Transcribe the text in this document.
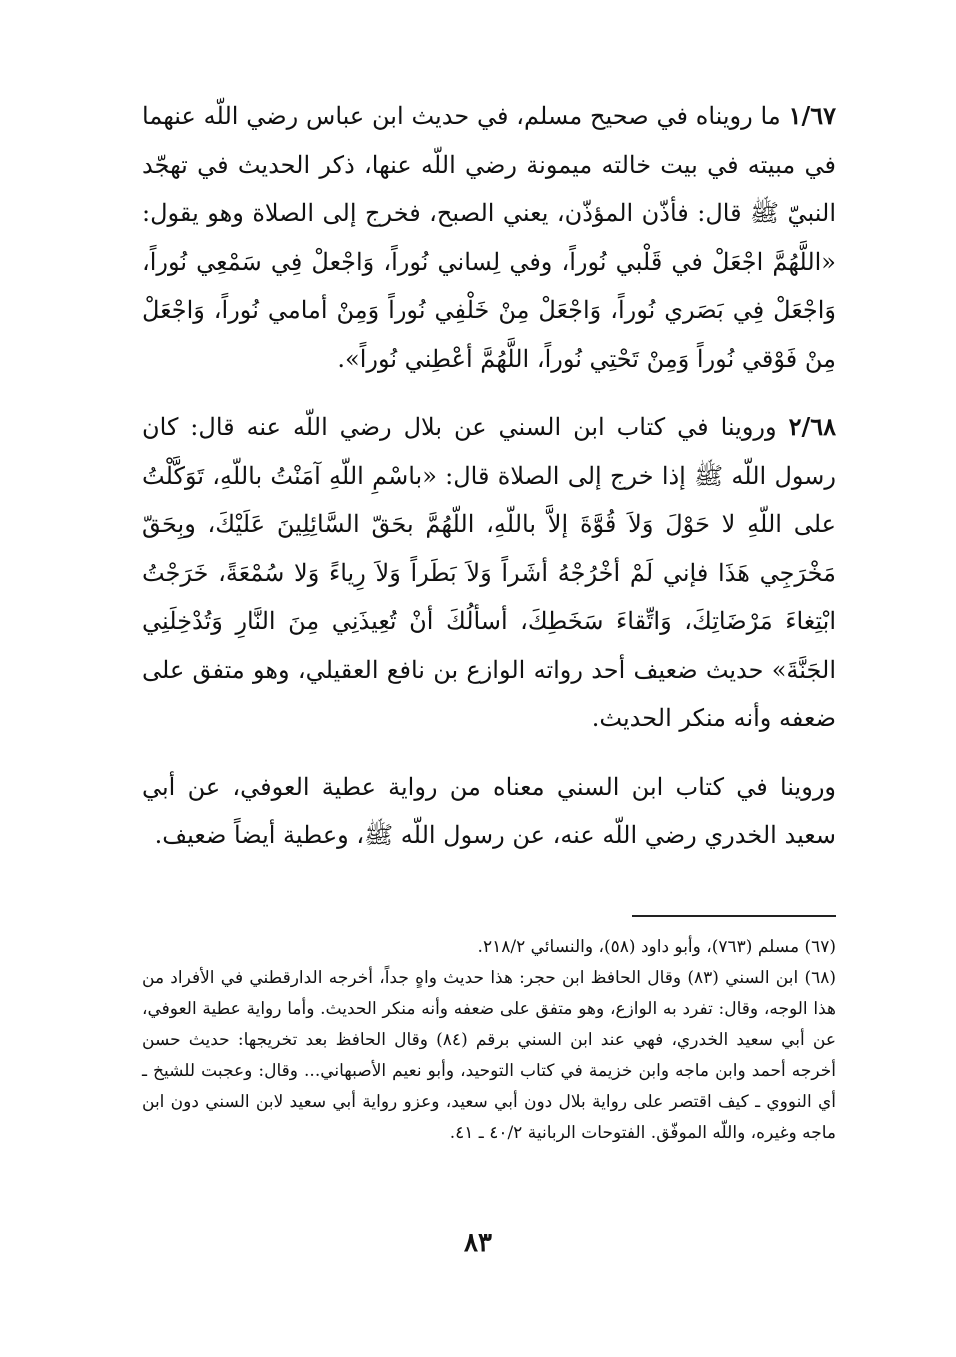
١/٦٧ ما رويناه في صحيح مسلم، في حديث ابن عباس رضي اللّه عنهما في مبيته في بيت خالته ميمونة رضي اللّه عنها، ذكر الحديث في تهجّد النبيّ ﷺ قال: فأذّن المؤذّن، يعني الصبح، فخرج إلى الصلاة وهو يقول: «اللَّهُمَّ اجْعَلْ في قَلْبي نُوراً، وفي لِساني نُوراً، وَاجْعلْ فِي سَمْعِي نُوراً، وَاجْعَلْ فِي بَصَري نُوراً، وَاجْعَلْ مِنْ خَلْفِي نُوراً وَمِنْ أمامي نُوراً، وَاجْعَلْ مِنْ فَوْقي نُوراً وَمِنْ تَحْتِي نُوراً، اللَّهُمَّ أعْطِني نُوراً».

٢/٦٨ وروينا في كتاب ابن السني عن بلال رضي اللّه عنه قال: كان رسول اللّه ﷺ إذا خرج إلى الصلاة قال: «باسْمِ اللّهِ آمَنْتُ باللّهِ، تَوَكَّلْتُ على اللّهِ لا حَوْلَ وَلاَ قُوَّةَ إلاَّ باللّهِ، اللّهُمَّ بحَقّ السَّائِلِينَ عَلَيْكَ، وبِحَقّ مَخْرَجِي هَذَا فإني لَمْ أخْرُجْهُ أشَراً وَلاَ بَطَراً وَلاَ رِياءً وَلا سُمْعَةً، خَرَجْتُ ابْتِغاءَ مَرْضَاتِكَ، وَاتِّقاءَ سَخَطِكَ، أسألُكَ أنْ تُعِيذَنِي مِنَ النَّارِ وَتُدْخِلَنِي الجَنَّةَ» حديث ضعيف أحد رواته الوازع بن نافع العقيلي، وهو متفق على ضعفه وأنه منكر الحديث.

وروينا في كتاب ابن السني معناه من رواية عطية العوفي، عن أبي سعيد الخدري رضي اللّه عنه، عن رسول اللّه ﷺ، وعطية أيضاً ضعيف.

(٦٧) مسلم (٧٦٣)، وأبو داود (٥٨)، والنسائي ٢١٨/٢.

(٦٨) ابن السني (٨٣) وقال الحافظ ابن حجر: هذا حديث واهٍ جداً، أخرجه الدارقطني في الأفراد من هذا الوجه، وقال: تفرد به الوازع، وهو متفق على ضعفه وأنه منكر الحديث. وأما رواية عطية العوفي، عن أبي سعيد الخدري، فهي عند ابن السني برقم (٨٤) وقال الحافظ بعد تخريجها: حديث حسن أخرجه أحمد وابن ماجه وابن خزيمة في كتاب التوحيد، وأبو نعيم الأصبهاني... وقال: وعجبت للشيخ ـ أي النووي ـ كيف اقتصر على رواية بلال دون أبي سعيد، وعزو رواية أبي سعيد لابن السني دون ابن ماجه وغيره، واللّه الموفّق. الفتوحات الربانية ٤٠/٢ ـ ٤١.

٨٣
